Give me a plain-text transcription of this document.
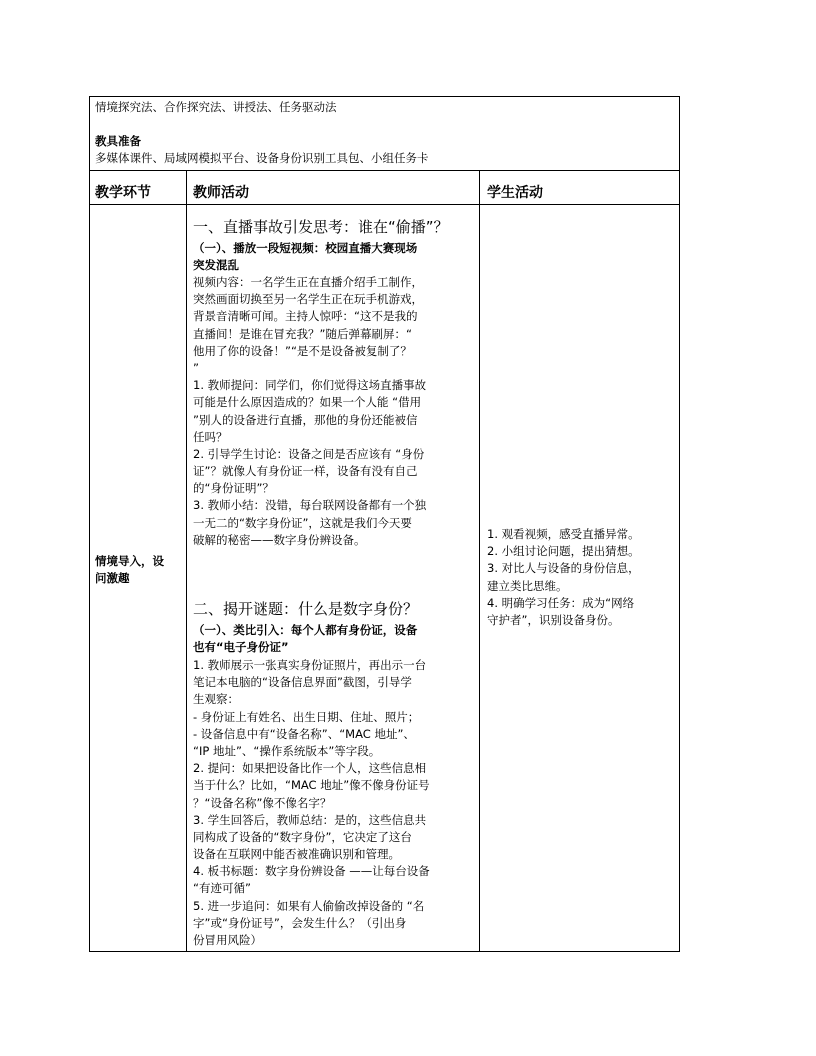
情境探究法、合作探究法、讲授法、任务驱动法
教具准备
多媒体课件、局域网模拟平台、设备身份识别工具包、小组任务卡
教学环节	教师活动	学生活动
情境导入，设
问激趣
一、直播事故引发思考：谁在“偷播”？
（一）、播放一段短视频：校园直播大赛现场
突发混乱
视频内容：一名学生正在直播介绍手工制作，
突然画面切换至另一名学生正在玩手机游戏，
背景音清晰可闻。主持人惊呼：“这不是我的
直播间！是谁在冒充我？”随后弹幕刷屏：“
他用了你的设备！”“是不是设备被复制了？
”
1. 教师提问：同学们，你们觉得这场直播事故
可能是什么原因造成的？如果一个人能 “借用
”别人的设备进行直播，那他的身份还能被信
任吗？
2. 引导学生讨论：设备之间是否应该有 “身份
证”？就像人有身份证一样，设备有没有自己
的“身份证明”？
3. 教师小结：没错，每台联网设备都有一个独
一无二的“数字身份证”，这就是我们今天要
破解的秘密——数字身份辨设备。
二、揭开谜题：什么是数字身份？
（一）、类比引入：每个人都有身份证，设备
也有“电子身份证”
1. 教师展示一张真实身份证照片，再出示一台
笔记本电脑的“设备信息界面”截图，引导学
生观察：
- 身份证上有姓名、出生日期、住址、照片；
- 设备信息中有“设备名称”、“MAC 地址”、
“IP 地址”、“操作系统版本”等字段。
2. 提问：如果把设备比作一个人，这些信息相
当于什么？比如，“MAC 地址”像不像身份证号
？“设备名称”像不像名字？
3. 学生回答后，教师总结：是的，这些信息共
同构成了设备的“数字身份”，它决定了这台
设备在互联网中能否被准确识别和管理。
4. 板书标题：数字身份辨设备 ——让每台设备
“有迹可循”
5. 进一步追问：如果有人偷偷改掉设备的 “名
字”或“身份证号”，会发生什么？（引出身
份冒用风险）
1. 观看视频，感受直播异常。
2. 小组讨论问题，提出猜想。
3. 对比人与设备的身份信息，
建立类比思维。
4. 明确学习任务：成为“网络
守护者”，识别设备身份。
